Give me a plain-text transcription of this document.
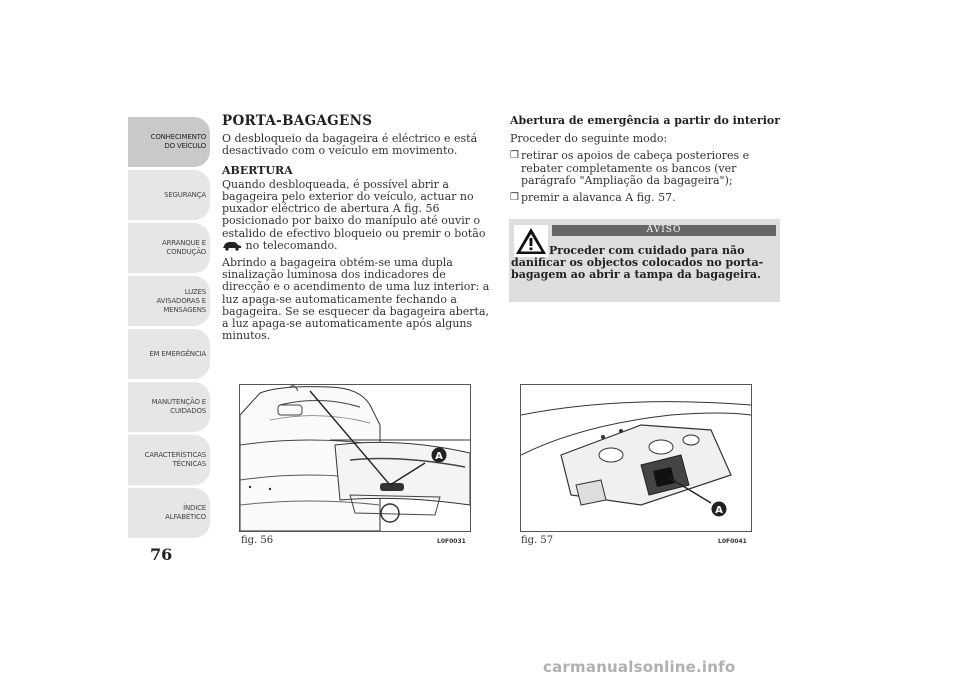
CONHECIMENTO
DO VEÍCULO
SEGURANÇA
ARRANQUE E
CONDUÇÃO
LUZES
AVISADORAS E
MENSAGENS
EM EMERGÊNCIA
MANUTENÇÃO E
CUIDADOS
CARACTERÍSTICAS
TÉCNICAS
ÍNDICE
ALFABÉTICO
76
PORTA-BAGAGENS

O desbloqueio da bagageira é eléctrico e está desactivado com o veículo em movimento.

ABERTURA

Quando desbloqueada, é possível abrir a bagageira pelo exterior do veículo, actuar no puxador eléctrico de abertura A fig. 56 posicionado por baixo do manípulo até ouvir o estalido de efectivo bloqueio ou premir o botão
no telecomando.

Abrindo a bagageira obtém-se uma dupla sinalização luminosa dos indicadores de direcção e o acendimento de uma luz interior: a luz apaga-se automaticamente fechando a bagageira. Se se esquecer da bagageira aberta, a luz apaga-se automaticamente após alguns minutos.

Abertura de emergência a partir do interior

Proceder do seguinte modo:

❒ retirar os apoios de cabeça posteriores e rebater completamente os bancos (ver parágrafo "Ampliação da bagageira");
❒ premir a alavanca A fig. 57.
AVISO
Proceder com cuidado para não danificar os objectos colocados no porta-bagagem ao abrir a tampa da bagageira.
A
fig. 56	L0F0031
A
fig. 57	L0F0041
carmanualsonline.info
